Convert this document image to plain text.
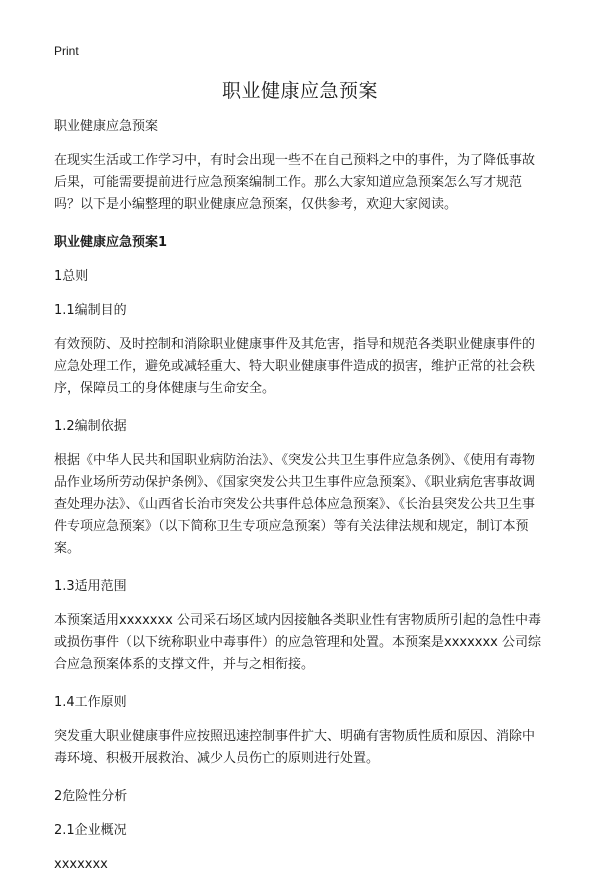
Print
职业健康应急预案

职业健康应急预案

在现实生活或工作学习中，有时会出现一些不在自己预料之中的事件，为了降低事故后果，可能需要提前进行应急预案编制工作。那么大家知道应急预案怎么写才规范吗？以下是小编整理的职业健康应急预案，仅供参考，欢迎大家阅读。

职业健康应急预案1

1总则

1.1编制目的

有效预防、及时控制和消除职业健康事件及其危害，指导和规范各类职业健康事件的应急处理工作，避免或减轻重大、特大职业健康事件造成的损害，维护正常的社会秩序，保障员工的身体健康与生命安全。

1.2编制依据

根据《中华人民共和国职业病防治法》、《突发公共卫生事件应急条例》、《使用有毒物品作业场所劳动保护条例》、《国家突发公共卫生事件应急预案》、《职业病危害事故调查处理办法》、《山西省长治市突发公共事件总体应急预案》、《长治县突发公共卫生事件专项应急预案》（以下简称卫生专项应急预案）等有关法律法规和规定，制订本预案。

1.3适用范围

本预案适用xxxxxxx 公司采石场区域内因接触各类职业性有害物质所引起的急性中毒或损伤事件（以下统称职业中毒事件）的应急管理和处置。本预案是xxxxxxx 公司综合应急预案体系的支撑文件，并与之相衔接。

1.4工作原则

突发重大职业健康事件应按照迅速控制事件扩大、明确有害物质性质和原因、消除中毒环境、积极开展救治、减少人员伤亡的原则进行处置。

2危险性分析

2.1企业概况

xxxxxxx
